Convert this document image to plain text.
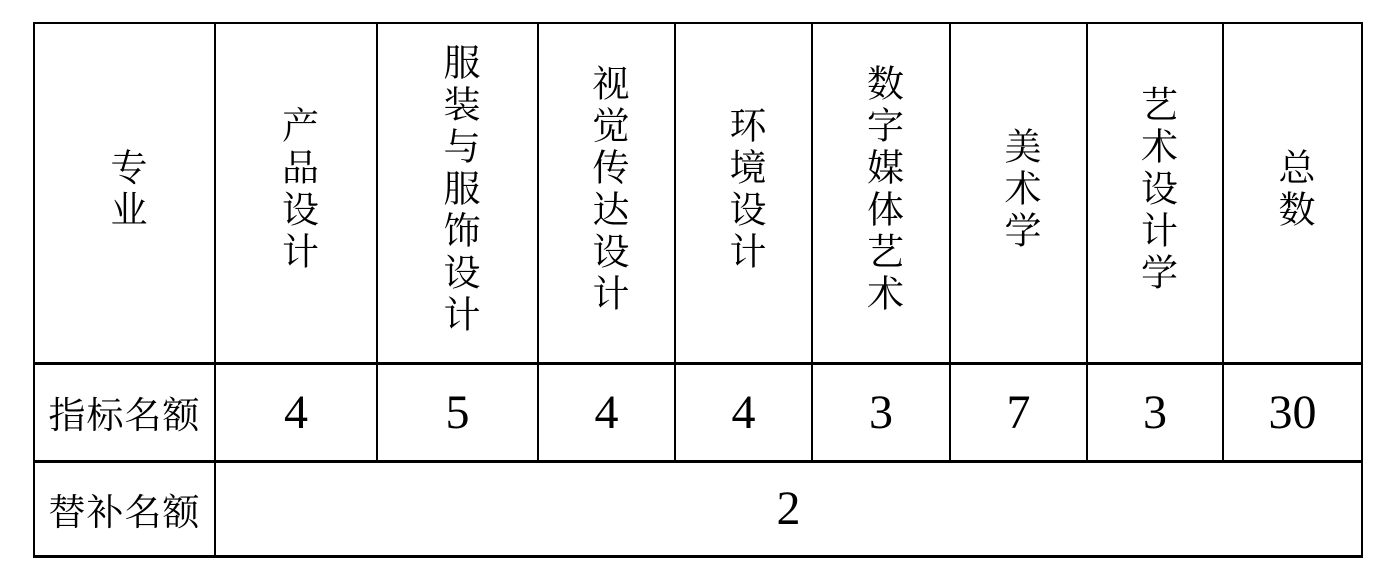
专业	产品设计	服装与服饰设计	视觉传达设计	环境设计	数字媒体艺术	美术学	艺术设计学	总数
指标名额	4	5	4	4	3	7	3	30
替补名额	2							
